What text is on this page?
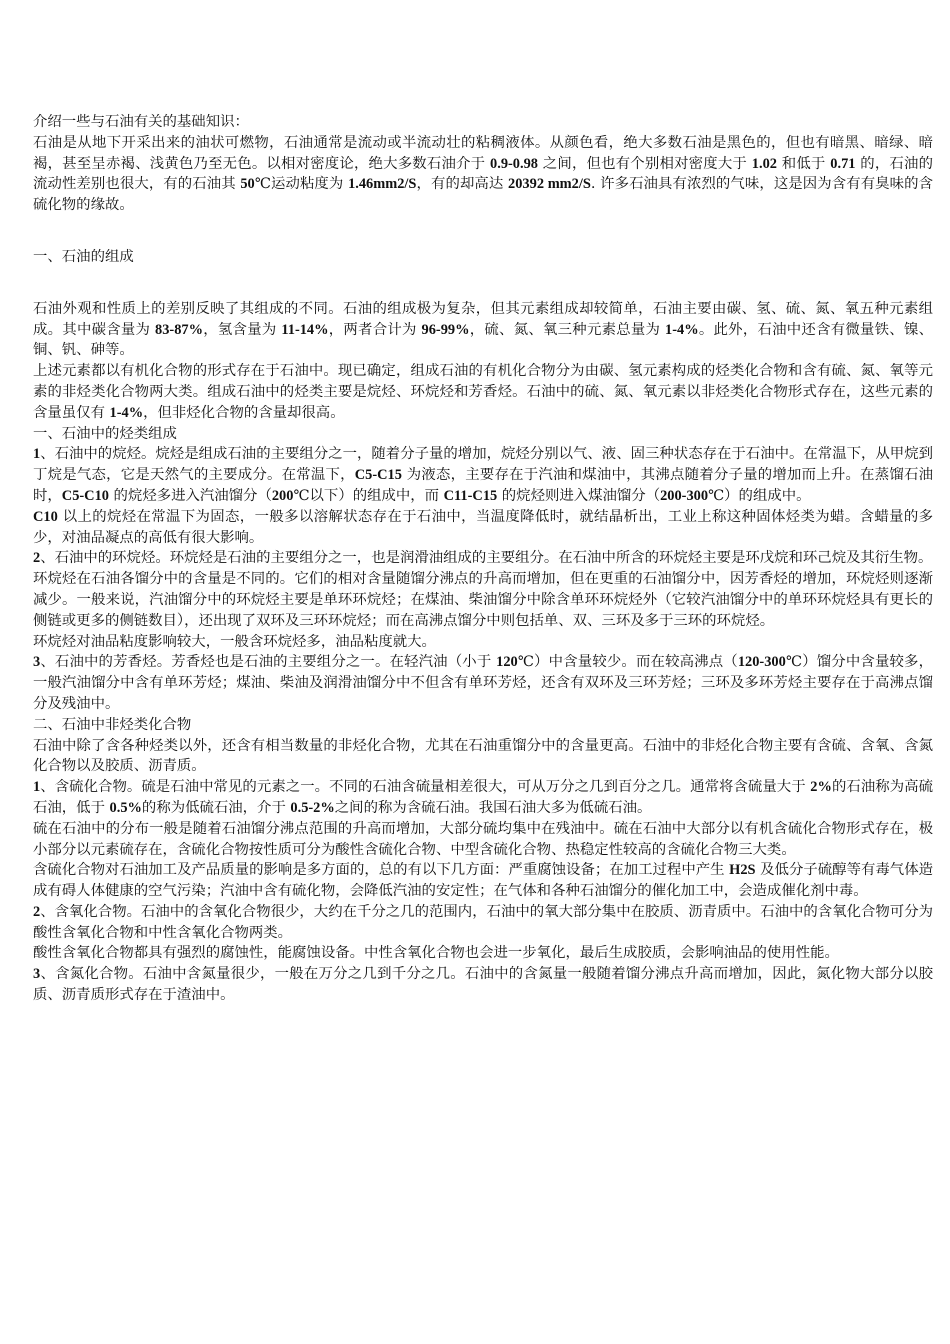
介绍一些与石油有关的基础知识：

石油是从地下开采出来的油状可燃物，石油通常是流动或半流动壮的粘稠液体。从颜色看，绝大多数石油是黑色的，但也有暗黑、暗绿、暗褐，甚至呈赤褐、浅黄色乃至无色。以相对密度论，绝大多数石油介于 0.9-0.98 之间，但也有个别相对密度大于 1.02 和低于 0.71 的，石油的流动性差别也很大，有的石油其 50℃运动粘度为 1.46mm2/S，有的却高达 20392 mm2/S. 许多石油具有浓烈的气味，这是因为含有有臭味的含硫化物的缘故。

一、石油的组成

石油外观和性质上的差别反映了其组成的不同。石油的组成极为复杂，但其元素组成却较简单，石油主要由碳、氢、硫、氮、氧五种元素组成。其中碳含量为 83-87%，氢含量为 11-14%，两者合计为 96-99%，硫、氮、氧三种元素总量为 1-4%。此外，石油中还含有微量铁、镍、铜、钒、砷等。

上述元素都以有机化合物的形式存在于石油中。现已确定，组成石油的有机化合物分为由碳、氢元素构成的烃类化合物和含有硫、氮、氧等元素的非烃类化合物两大类。组成石油中的烃类主要是烷烃、环烷烃和芳香烃。石油中的硫、氮、氧元素以非烃类化合物形式存在，这些元素的含量虽仅有 1-4%，但非烃化合物的含量却很高。

一、石油中的烃类组成

1、石油中的烷烃。烷烃是组成石油的主要组分之一，随着分子量的增加，烷烃分别以气、液、固三种状态存在于石油中。在常温下，从甲烷到丁烷是气态，它是天然气的主要成分。在常温下，C5-C15 为液态，主要存在于汽油和煤油中，其沸点随着分子量的增加而上升。在蒸馏石油时，C5-C10 的烷烃多进入汽油馏分（200℃以下）的组成中，而 C11-C15 的烷烃则进入煤油馏分（200-300℃）的组成中。

C10 以上的烷烃在常温下为固态，一般多以溶解状态存在于石油中，当温度降低时，就结晶析出，工业上称这种固体烃类为蜡。含蜡量的多少，对油品凝点的高低有很大影响。

2、石油中的环烷烃。环烷烃是石油的主要组分之一，也是润滑油组成的主要组分。在石油中所含的环烷烃主要是环戊烷和环己烷及其衍生物。

环烷烃在石油各馏分中的含量是不同的。它们的相对含量随馏分沸点的升高而增加，但在更重的石油馏分中，因芳香烃的增加，环烷烃则逐渐减少。一般来说，汽油馏分中的环烷烃主要是单环环烷烃；在煤油、柴油馏分中除含单环环烷烃外（它较汽油馏分中的单环环烷烃具有更长的侧链或更多的侧链数目），还出现了双环及三环环烷烃；而在高沸点馏分中则包括单、双、三环及多于三环的环烷烃。

环烷烃对油品粘度影响较大，一般含环烷烃多，油品粘度就大。

3、石油中的芳香烃。芳香烃也是石油的主要组分之一。在轻汽油（小于 120℃）中含量较少。而在较高沸点（120-300℃）馏分中含量较多，一般汽油馏分中含有单环芳烃；煤油、柴油及润滑油馏分中不但含有单环芳烃，还含有双环及三环芳烃；三环及多环芳烃主要存在于高沸点馏分及残油中。

二、石油中非烃类化合物

石油中除了含各种烃类以外，还含有相当数量的非烃化合物，尤其在石油重馏分中的含量更高。石油中的非烃化合物主要有含硫、含氧、含氮化合物以及胶质、沥青质。

1、含硫化合物。硫是石油中常见的元素之一。不同的石油含硫量相差很大，可从万分之几到百分之几。通常将含硫量大于 2%的石油称为高硫石油，低于 0.5%的称为低硫石油，介于 0.5-2%之间的称为含硫石油。我国石油大多为低硫石油。

硫在石油中的分布一般是随着石油馏分沸点范围的升高而增加，大部分硫均集中在残油中。硫在石油中大部分以有机含硫化合物形式存在，极小部分以元素硫存在，含硫化合物按性质可分为酸性含硫化合物、中型含硫化合物、热稳定性较高的含硫化合物三大类。

含硫化合物对石油加工及产品质量的影响是多方面的，总的有以下几方面：严重腐蚀设备；在加工过程中产生 H2S 及低分子硫醇等有毒气体造成有碍人体健康的空气污染；汽油中含有硫化物，会降低汽油的安定性；在气体和各种石油馏分的催化加工中，会造成催化剂中毒。

2、含氧化合物。石油中的含氧化合物很少，大约在千分之几的范围内，石油中的氧大部分集中在胶质、沥青质中。石油中的含氧化合物可分为酸性含氧化合物和中性含氧化合物两类。

酸性含氧化合物都具有强烈的腐蚀性，能腐蚀设备。中性含氧化合物也会进一步氧化，最后生成胶质，会影响油品的使用性能。

3、含氮化合物。石油中含氮量很少，一般在万分之几到千分之几。石油中的含氮量一般随着馏分沸点升高而增加，因此，氮化物大部分以胶质、沥青质形式存在于渣油中。
